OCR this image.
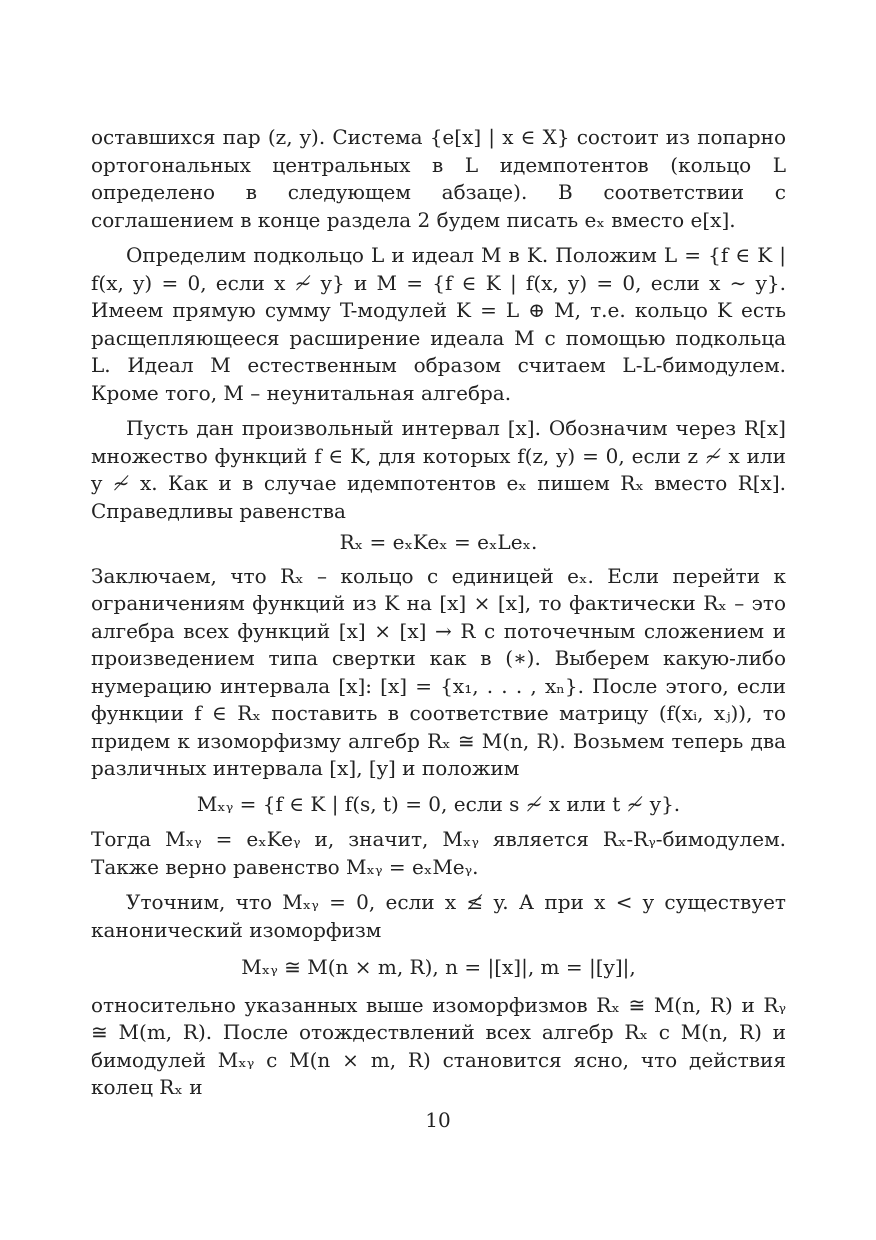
оставшихся пар (z, y). Система {e[x] | x ∈ X} состоит из попарно ортогональных центральных в L идемпотентов (кольцо L определено в следующем абзаце). В соответствии с соглашением в конце раздела 2 будем писать eₓ вместо e[x].

Определим подкольцо L и идеал M в K. Положим L = {f ∈ K | f(x, y) = 0, если x ≁ y} и M = {f ∈ K | f(x, y) = 0, если x ∼ y}. Имеем прямую сумму T-модулей K = L ⊕ M, т.е. кольцо K есть расщепляющееся расширение идеала M с помощью подкольца L. Идеал M естественным образом считаем L-L-бимодулем. Кроме того, M – неунитальная алгебра.

Пусть дан произвольный интервал [x]. Обозначим через R[x] множество функций f ∈ K, для которых f(z, y) = 0, если z ≁ x или y ≁ x. Как и в случае идемпотентов eₓ пишем Rₓ вместо R[x]. Справедливы равенства

Rₓ = eₓKeₓ = eₓLeₓ.

Заключаем, что Rₓ – кольцо с единицей eₓ. Если перейти к ограничениям функций из K на [x] × [x], то фактически Rₓ – это алгебра всех функций [x] × [x] → R с поточечным сложением и произведением типа свертки как в (∗). Выберем какую-либо нумерацию интервала [x]: [x] = {x₁, . . . , xₙ}. После этого, если функции f ∈ Rₓ поставить в соответствие матрицу (f(xᵢ, xⱼ)), то придем к изоморфизму алгебр Rₓ ≅ M(n, R). Возьмем теперь два различных интервала [x], [y] и положим

Mₓᵧ = {f ∈ K | f(s, t) = 0, если s ≁ x или t ≁ y}.

Тогда Mₓᵧ = eₓKeᵧ и, значит, Mₓᵧ является Rₓ-Rᵧ-бимодулем. Также верно равенство Mₓᵧ = eₓMeᵧ.

Уточним, что Mₓᵧ = 0, если x ≰ y. А при x < y существует канонический изоморфизм

Mₓᵧ ≅ M(n × m, R), n = |[x]|, m = |[y]|,

относительно указанных выше изоморфизмов Rₓ ≅ M(n, R) и Rᵧ ≅ M(m, R). После отождествлений всех алгебр Rₓ с M(n, R) и бимодулей Mₓᵧ с M(n × m, R) становится ясно, что действия колец Rₓ и

10
